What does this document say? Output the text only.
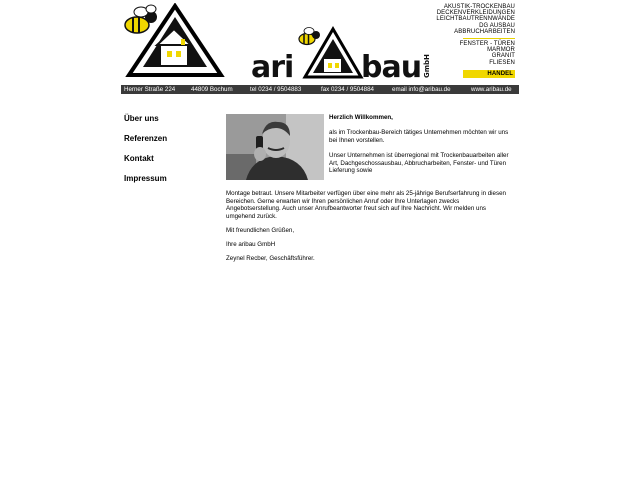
ari bau GmbH
AKUSTIK-TROCKENBAU
DECKENVERKLEIDUNGEN
LEICHTBAUTRENNWÄNDE
DG AUSBAU
ABBRUCHARBEITEN
FENSTER - TÜREN
MARMOR
GRANIT
FLIESEN
HANDEL
Herner Straße 224	44809 Bochum	tel 0234 / 9504883	fax 0234 / 9504884	email info@aribau.de	www.aribau.de
Über uns
Referenzen
Kontakt
Impressum
Herzlich Willkommen,

als im Trockenbau-Bereich tätiges Unternehmen möchten wir uns bei Ihnen vorstellen.

Unser Unternehmen ist überregional mit Trockenbauarbeiten aller Art, Dachgeschossausbau, Abbrucharbeiten, Fenster- und Türen Lieferung sowie

Montage betraut. Unsere Mitarbeiter verfügen über eine mehr als 25-jährige Berufserfahrung in diesen Bereichen. Gerne erwarten wir Ihren persönlichen Anruf oder Ihre Unterlagen zwecks Angebotserstellung. Auch unser Anrufbeantworter freut sich auf Ihre Nachricht. Wir melden uns umgehend zurück.

Mit freundlichen Grüßen,

Ihre aribau GmbH

Zeynel Recber, Geschäftsführer.
